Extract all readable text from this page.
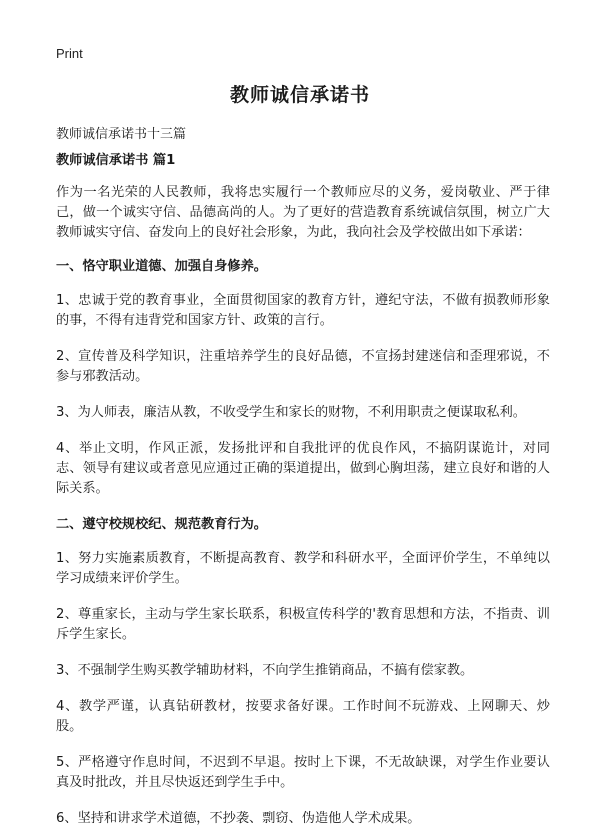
Print
教师诚信承诺书

教师诚信承诺书十三篇

教师诚信承诺书 篇1

作为一名光荣的人民教师，我将忠实履行一个教师应尽的义务，爱岗敬业、严于律己，做一个诚实守信、品德高尚的人。为了更好的营造教育系统诚信氛围，树立广大教师诚实守信、奋发向上的良好社会形象，为此，我向社会及学校做出如下承诺：

一、恪守职业道德、加强自身修养。

1、忠诚于党的教育事业，全面贯彻国家的教育方针，遵纪守法，不做有损教师形象的事，不得有违背党和国家方针、政策的言行。

2、宣传普及科学知识，注重培养学生的良好品德，不宣扬封建迷信和歪理邪说，不参与邪教活动。

3、为人师表，廉洁从教，不收受学生和家长的财物，不利用职责之便谋取私利。

4、举止文明，作风正派，发扬批评和自我批评的优良作风，不搞阴谋诡计，对同志、领导有建议或者意见应通过正确的渠道提出，做到心胸坦荡，建立良好和谐的人际关系。

二、遵守校规校纪、规范教育行为。

1、努力实施素质教育，不断提高教育、教学和科研水平，全面评价学生，不单纯以学习成绩来评价学生。

2、尊重家长，主动与学生家长联系，积极宣传科学的'教育思想和方法，不指责、训斥学生家长。

3、不强制学生购买教学辅助材料，不向学生推销商品，不搞有偿家教。

4、教学严谨，认真钻研教材，按要求备好课。工作时间不玩游戏、上网聊天、炒股。

5、严格遵守作息时间，不迟到不早退。按时上下课，不无故缺课，对学生作业要认真及时批改，并且尽快返还到学生手中。

6、坚持和讲求学术道德，不抄袭、剽窃、伪造他人学术成果。
